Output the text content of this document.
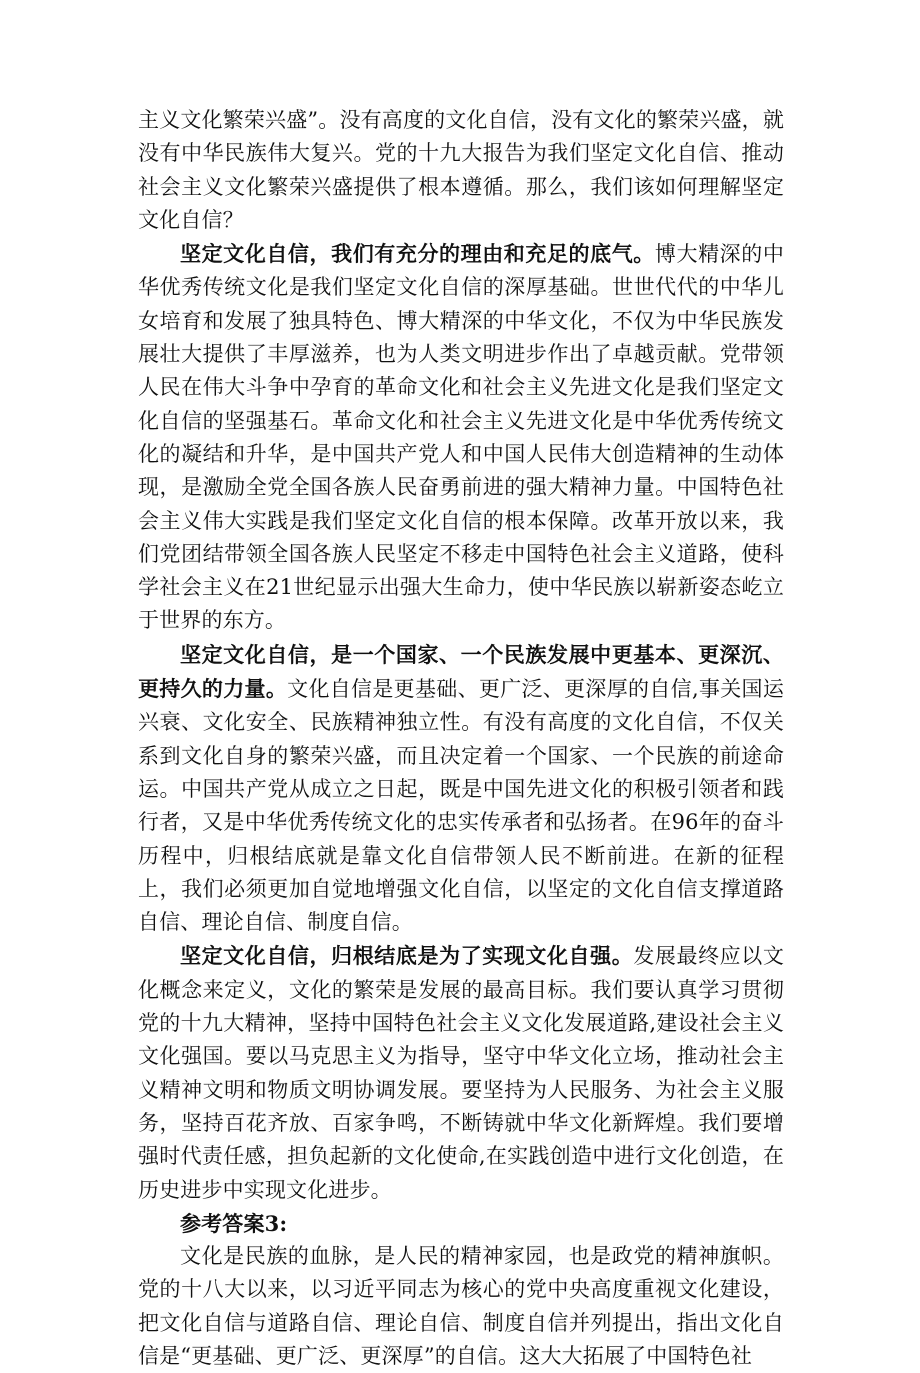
主义文化繁荣兴盛”。没有高度的文化自信，没有文化的繁荣兴盛，就没有中华民族伟大复兴。党的十九大报告为我们坚定文化自信、推动社会主义文化繁荣兴盛提供了根本遵循。那么，我们该如何理解坚定文化自信？

坚定文化自信，我们有充分的理由和充足的底气。博大精深的中华优秀传统文化是我们坚定文化自信的深厚基础。世世代代的中华儿女培育和发展了独具特色、博大精深的中华文化，不仅为中华民族发展壮大提供了丰厚滋养，也为人类文明进步作出了卓越贡献。党带领人民在伟大斗争中孕育的革命文化和社会主义先进文化是我们坚定文化自信的坚强基石。革命文化和社会主义先进文化是中华优秀传统文化的凝结和升华，是中国共产党人和中国人民伟大创造精神的生动体现，是激励全党全国各族人民奋勇前进的强大精神力量。中国特色社会主义伟大实践是我们坚定文化自信的根本保障。改革开放以来，我们党团结带领全国各族人民坚定不移走中国特色社会主义道路，使科学社会主义在21世纪显示出强大生命力，使中华民族以崭新姿态屹立于世界的东方。

坚定文化自信，是一个国家、一个民族发展中更基本、更深沉、更持久的力量。文化自信是更基础、更广泛、更深厚的自信,事关国运兴衰、文化安全、民族精神独立性。有没有高度的文化自信，不仅关系到文化自身的繁荣兴盛，而且决定着一个国家、一个民族的前途命运。中国共产党从成立之日起，既是中国先进文化的积极引领者和践行者，又是中华优秀传统文化的忠实传承者和弘扬者。在96年的奋斗历程中，归根结底就是靠文化自信带领人民不断前进。在新的征程上，我们必须更加自觉地增强文化自信，以坚定的文化自信支撑道路自信、理论自信、制度自信。

坚定文化自信，归根结底是为了实现文化自强。发展最终应以文化概念来定义，文化的繁荣是发展的最高目标。我们要认真学习贯彻党的十九大精神，坚持中国特色社会主义文化发展道路,建设社会主义文化强国。要以马克思主义为指导，坚守中华文化立场，推动社会主义精神文明和物质文明协调发展。要坚持为人民服务、为社会主义服务，坚持百花齐放、百家争鸣，不断铸就中华文化新辉煌。我们要增强时代责任感，担负起新的文化使命,在实践创造中进行文化创造，在历史进步中实现文化进步。

参考答案3:

文化是民族的血脉，是人民的精神家园，也是政党的精神旗帜。党的十八大以来，以习近平同志为核心的党中央高度重视文化建设，把文化自信与道路自信、理论自信、制度自信并列提出，指出文化自信是“更基础、更广泛、更深厚”的自信。这大大拓展了中国特色社
